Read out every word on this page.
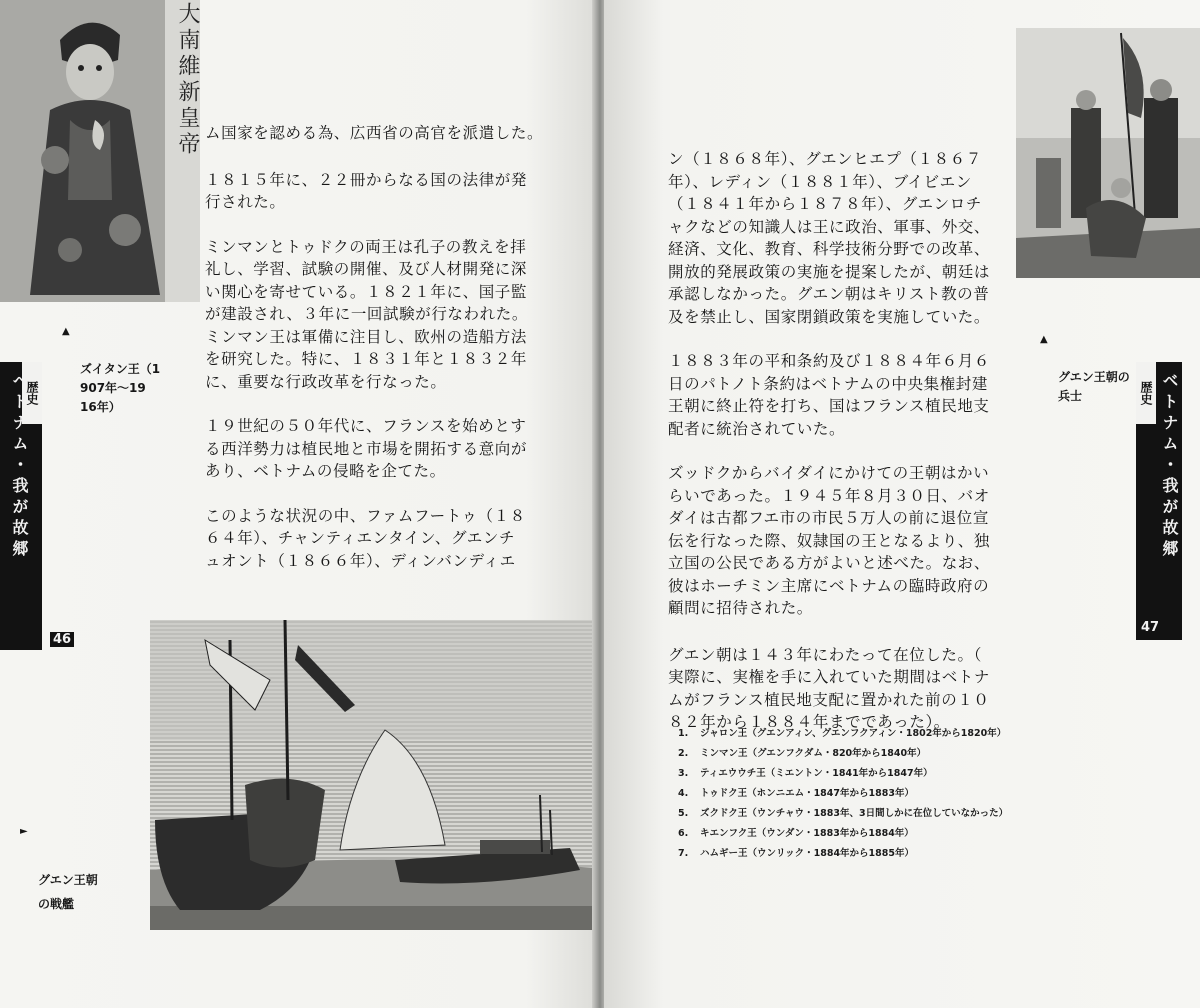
大南維新皇帝

▲

ズイタン王（1
907年〜19
16年）

ム国家を認める為、広西省の高官を派遣した。

１８１５年に、２２冊からなる国の法律が発
行された。

ミンマンとトゥドクの両王は孔子の教えを拝
礼し、学習、試験の開催、及び人材開発に深
い関心を寄せている。１８２１年に、国子監
が建設され、３年に一回試験が行なわれた。
ミンマン王は軍備に注目し、欧州の造船方法
を研究した。特に、１８３１年と１８３２年
に、重要な行政改革を行なった。

１９世紀の５０年代に、フランスを始めとす
る西洋勢力は植民地と市場を開拓する意向が
あり、ベトナムの侵略を企てた。

このような状況の中、ファムフートゥ（１８
６４年）、チャンティエンタイン、グエンチ
ュオント（１８６６年）、ディンバンディエ

歴史
ベトナム・我が故郷
46

►

グエン王朝
の戦艦

▲

グエン王朝の
兵士

ン（１８６８年）、グエンヒエプ（１８６７
年）、レディン（１８８１年）、ブイビエン
（１８４１年から１８７８年）、グエンロチ
ャクなどの知識人は王に政治、軍事、外交、
経済、文化、教育、科学技術分野での改革、
開放的発展政策の実施を提案したが、朝廷は
承認しなかった。グエン朝はキリスト教の普
及を禁止し、国家閉鎖政策を実施していた。

１８８３年の平和条約及び１８８４年６月６
日のパトノト条約はベトナムの中央集権封建
王朝に終止符を打ち、国はフランス植民地支
配者に統治されていた。

ズッドクからバイダイにかけての王朝はかい
らいであった。１９４５年８月３０日、バオ
ダイは古都フエ市の市民５万人の前に退位宣
伝を行なった際、奴隷国の王となるより、独
立国の公民である方がよいと述べた。なお、
彼はホーチミン主席にベトナムの臨時政府の
顧問に招待された。

グエン朝は１４３年にわたって在位した。（
実際に、実権を手に入れていた期間はベトナ
ムがフランス植民地支配に置かれた前の１０
８２年から１８８４年までであった）。

歴史 ベトナム・我が故郷
47
1.	ジャロン王（グエンアィン、グエンフクアィン・1802年から1820年）
2.	ミンマン王（グエンフクダム・820年から1840年）
3.	ティエウウチ王（ミエントン・1841年から1847年）
4.	トゥドク王（ホンニエム・1847年から1883年）
5.	ズクドク王（ウンチャウ・1883年、3日間しかに在位していなかった）
6.	キエンフク王（ウンダン・1883年から1884年）
7.	ハムギー王（ウンリック・1884年から1885年）
